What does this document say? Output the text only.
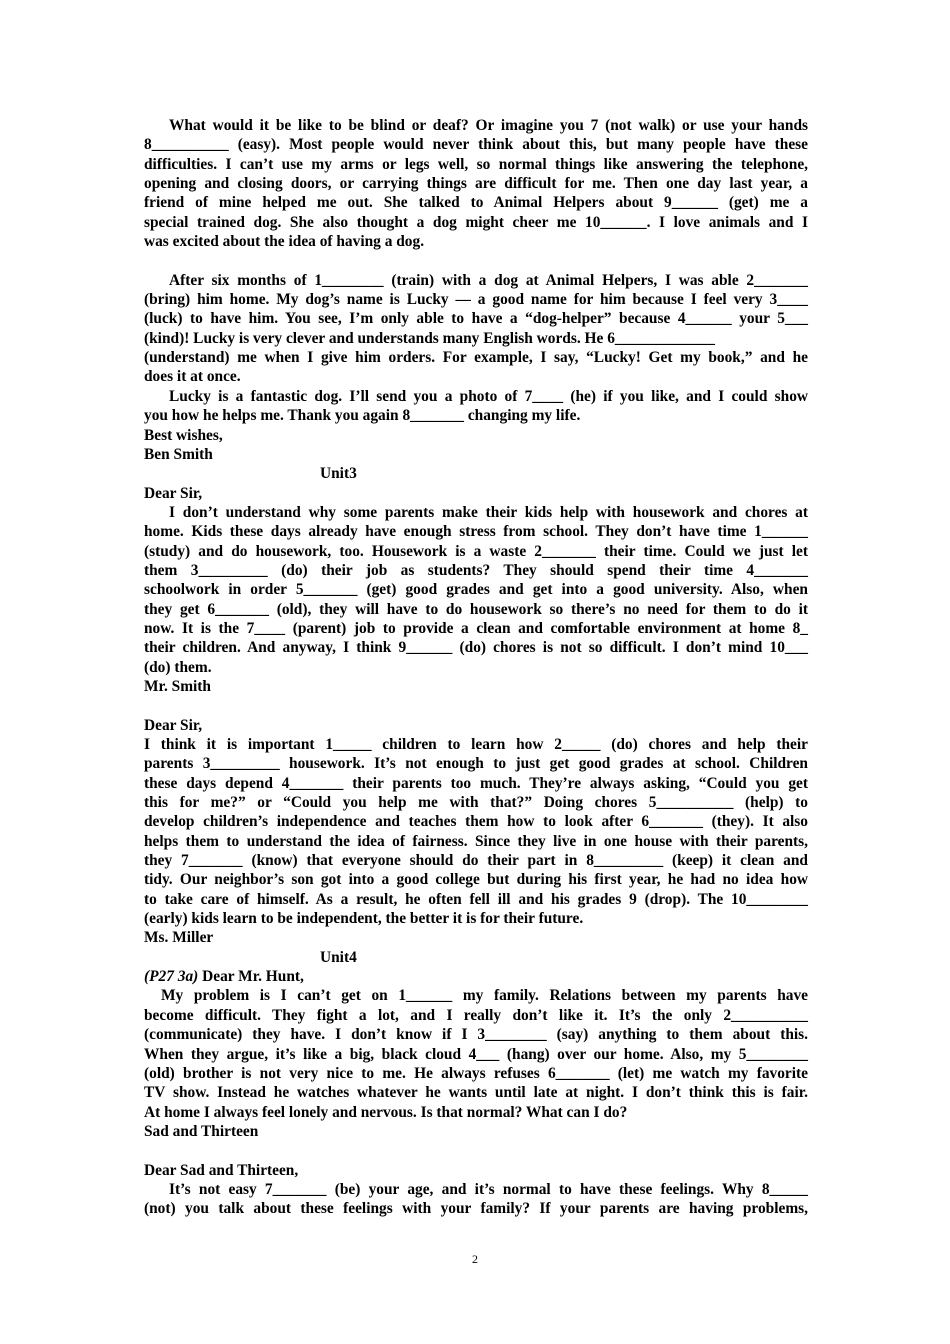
What would it be like to be blind or deaf? Or imagine you 7 (not walk) or use your hands
8__________ (easy). Most people would never think about this, but many people have these
difficulties. I can’t use my arms or legs well, so normal things like answering the telephone,
opening and closing doors, or carrying things are difficult for me. Then one day last year, a
friend of mine helped me out. She talked to Animal Helpers about 9______ (get) me a
special trained dog. She also thought a dog might cheer me 10______. I love animals and I
was excited about the idea of having a dog.
After six months of 1________ (train) with a dog at Animal Helpers, I was able 2_______
(bring) him home. My dog’s name is Lucky — a good name for him because I feel very 3____
(luck) to have him. You see, I’m only able to have a “dog-helper” because 4______ your 5___
(kind)! Lucky is very clever and understands many English words. He 6_____________
(understand) me when I give him orders. For example, I say, “Lucky! Get my book,” and he
does it at once.
Lucky is a fantastic dog. I’ll send you a photo of 7____ (he) if you like, and I could show
you how he helps me. Thank you again 8_______ changing my life.
Best wishes,
Ben Smith
Unit3
Dear Sir,
I don’t understand why some parents make their kids help with housework and chores at
home. Kids these days already have enough stress from school. They don’t have time 1______
(study) and do housework, too. Housework is a waste 2_______ their time. Could we just let
them 3_________ (do) their job as students? They should spend their time 4_______
schoolwork in order 5_______ (get) good grades and get into a good university. Also, when
they get 6_______ (old), they will have to do housework so there’s no need for them to do it
now. It is the 7____ (parent) job to provide a clean and comfortable environment at home 8_
their children. And anyway, I think 9______ (do) chores is not so difficult. I don’t mind 10___
(do) them.
Mr. Smith
Dear Sir,
I think it is important 1_____ children to learn how 2_____ (do) chores and help their
parents 3_________ housework. It’s not enough to just get good grades at school. Children
these days depend 4_______ their parents too much. They’re always asking, “Could you get
this for me?” or “Could you help me with that?” Doing chores 5__________ (help) to
develop children’s independence and teaches them how to look after 6_______ (they). It also
helps them to understand the idea of fairness. Since they live in one house with their parents,
they 7_______ (know) that everyone should do their part in 8_________ (keep) it clean and
tidy. Our neighbor’s son got into a good college but during his first year, he had no idea how
to take care of himself. As a result, he often fell ill and his grades 9 (drop). The 10________
(early) kids learn to be independent, the better it is for their future.
Ms. Miller
Unit4
(P27 3a) Dear Mr. Hunt,
My problem is I can’t get on 1______ my family. Relations between my parents have
become difficult. They fight a lot, and I really don’t like it. It’s the only 2__________
(communicate) they have. I don’t know if I 3________ (say) anything to them about this.
When they argue, it’s like a big, black cloud 4___ (hang) over our home. Also, my 5________
(old) brother is not very nice to me. He always refuses 6_______ (let) me watch my favorite
TV show. Instead he watches whatever he wants until late at night. I don’t think this is fair.
At home I always feel lonely and nervous. Is that normal? What can I do?
Sad and Thirteen
Dear Sad and Thirteen,
It’s not easy 7_______ (be) your age, and it’s normal to have these feelings. Why 8_____
(not) you talk about these feelings with your family? If your parents are having problems,
2
